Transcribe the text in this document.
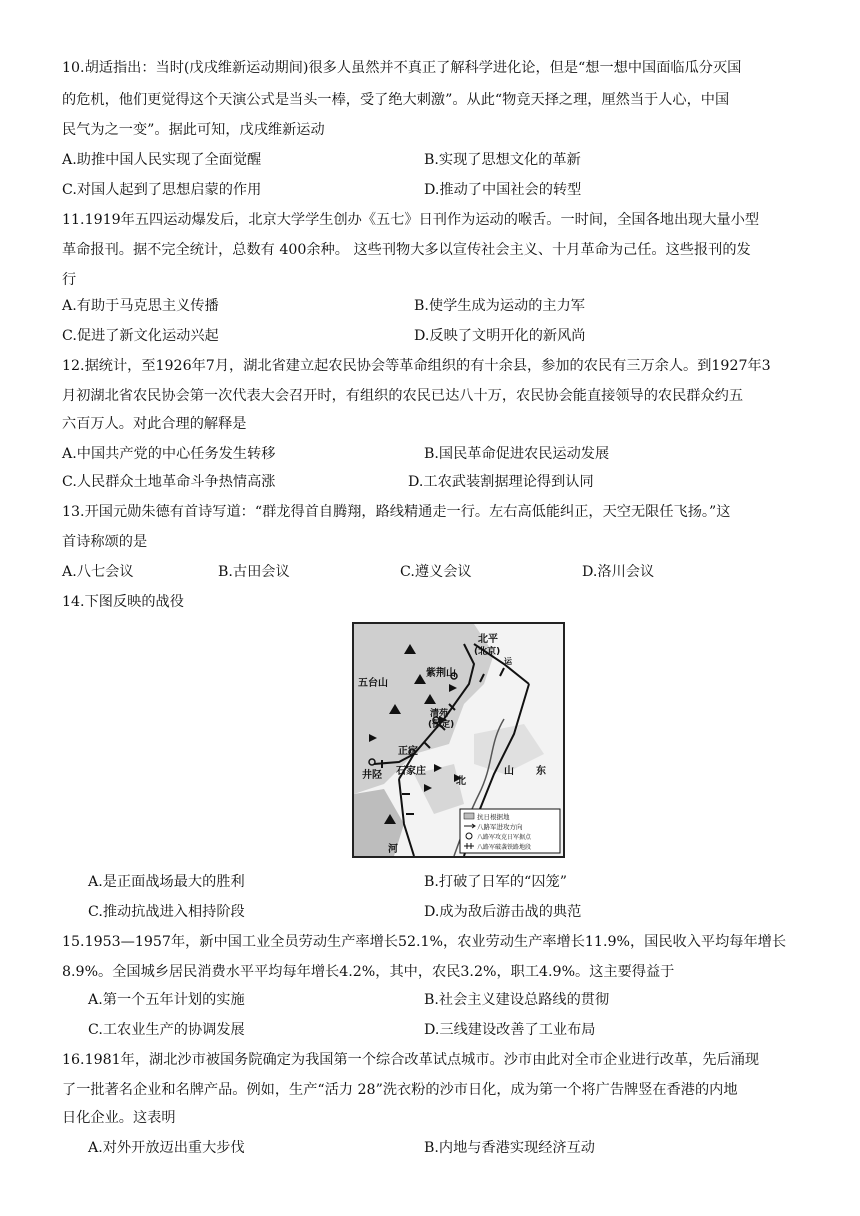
10.胡适指出：当时(戊戌维新运动期间)很多人虽然并不真正了解科学进化论，但是“想一想中国面临瓜分灭国
的危机，他们更觉得这个天演公式是当头一棒，受了绝大刺激”。从此“物竞天择之理，厘然当于人心，中国
民气为之一变”。据此可知，戊戌维新运动
A.助推中国人民实现了全面觉醒	B.实现了思想文化的革新
C.对国人起到了思想启蒙的作用	D.推动了中国社会的转型
11.1919年五四运动爆发后，北京大学学生创办《五七》日刊作为运动的喉舌。一时间，全国各地出现大量小型
革命报刊。据不完全统计，总数有 400余种。 这些刊物大多以宣传社会主义、十月革命为己任。这些报刊的发
行
A.有助于马克思主义传播	B.使学生成为运动的主力军
C.促进了新文化运动兴起	D.反映了文明开化的新风尚
12.据统计，至1926年7月，湖北省建立起农民协会等革命组织的有十余县，参加的农民有三万余人。到1927年3
月初湖北省农民协会第一次代表大会召开时，有组织的农民已达八十万，农民协会能直接领导的农民群众约五
六百万人。对此合理的解释是
A.中国共产党的中心任务发生转移	B.国民革命促进农民运动发展
C.人民群众土地革命斗争热情高涨	D.工农武装割据理论得到认同
13.开国元勋朱德有首诗写道：“群龙得首自腾翔，路线精通走一行。左右高低能纠正，天空无限任飞扬。”这
首诗称颂的是
A.八七会议	B.古田会议	C.遵义会议	D.洛川会议
14.下图反映的战役
北平
(北京)
紫荆山
五台山
清苑
(保定)
正定
石家庄
井陉
北
山 东
河
运
抗日根据地
八路军进攻方向
八路军攻克日军据点
八路军破袭铁路地段
A.是正面战场最大的胜利	B.打破了日军的“囚笼”
C.推动抗战进入相持阶段	D.成为敌后游击战的典范
15.1953—1957年，新中国工业全员劳动生产率增长52.1%，农业劳动生产率增长11.9%，国民收入平均每年增长
8.9%。全国城乡居民消费水平平均每年增长4.2%，其中，农民3.2%，职工4.9%。这主要得益于
A.第一个五年计划的实施	B.社会主义建设总路线的贯彻
C.工农业生产的协调发展	D.三线建设改善了工业布局
16.1981年，湖北沙市被国务院确定为我国第一个综合改革试点城市。沙市由此对全市企业进行改革，先后涌现
了一批著名企业和名牌产品。例如，生产“活力 28”洗衣粉的沙市日化，成为第一个将广告牌竖在香港的内地
日化企业。这表明
A.对外开放迈出重大步伐	B.内地与香港实现经济互动
